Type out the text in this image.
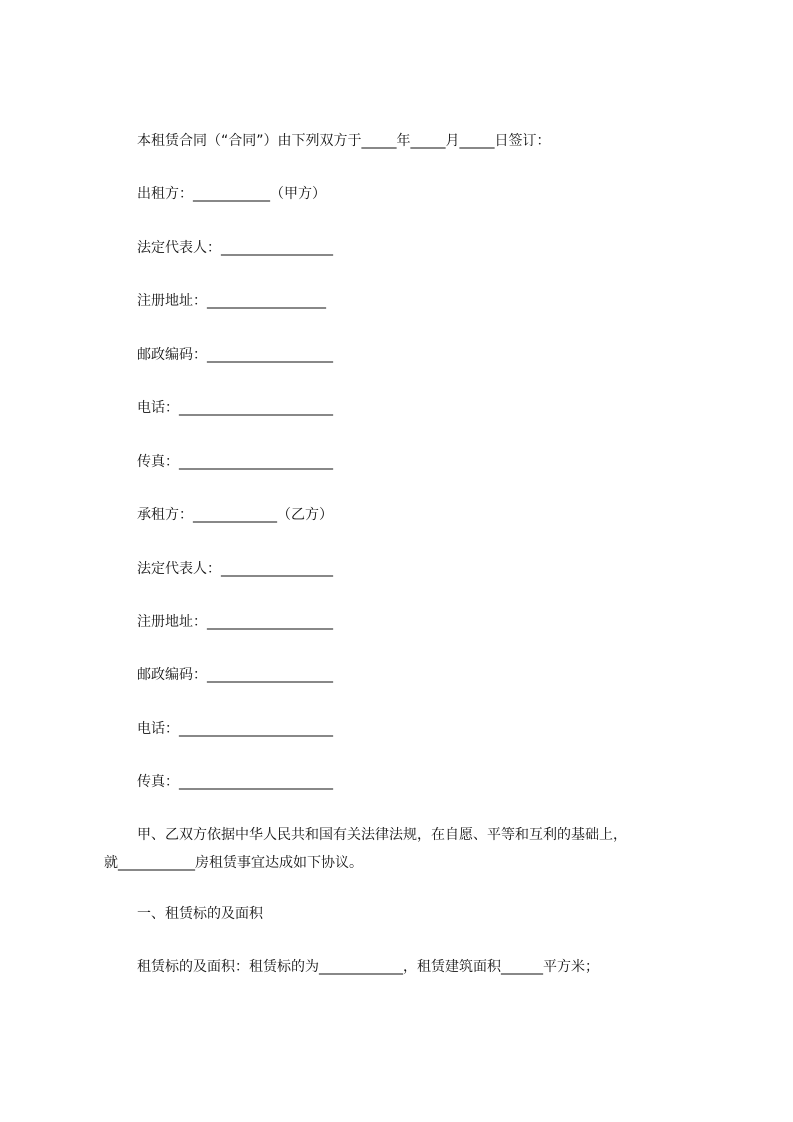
本租赁合同（“合同”）由下列双方于_____年_____月_____日签订：
出租方：___________（甲方）
法定代表人：________________
注册地址：_________________
邮政编码：__________________
电话：______________________
传真：______________________
承租方：____________（乙方）
法定代表人：________________
注册地址：__________________
邮政编码：__________________
电话：______________________
传真：______________________
甲、乙双方依据中华人民共和国有关法律法规，在自愿、平等和互利的基础上，
就___________房租赁事宜达成如下协议。
一、租赁标的及面积
租赁标的及面积：租赁标的为____________，租赁建筑面积______平方米；
